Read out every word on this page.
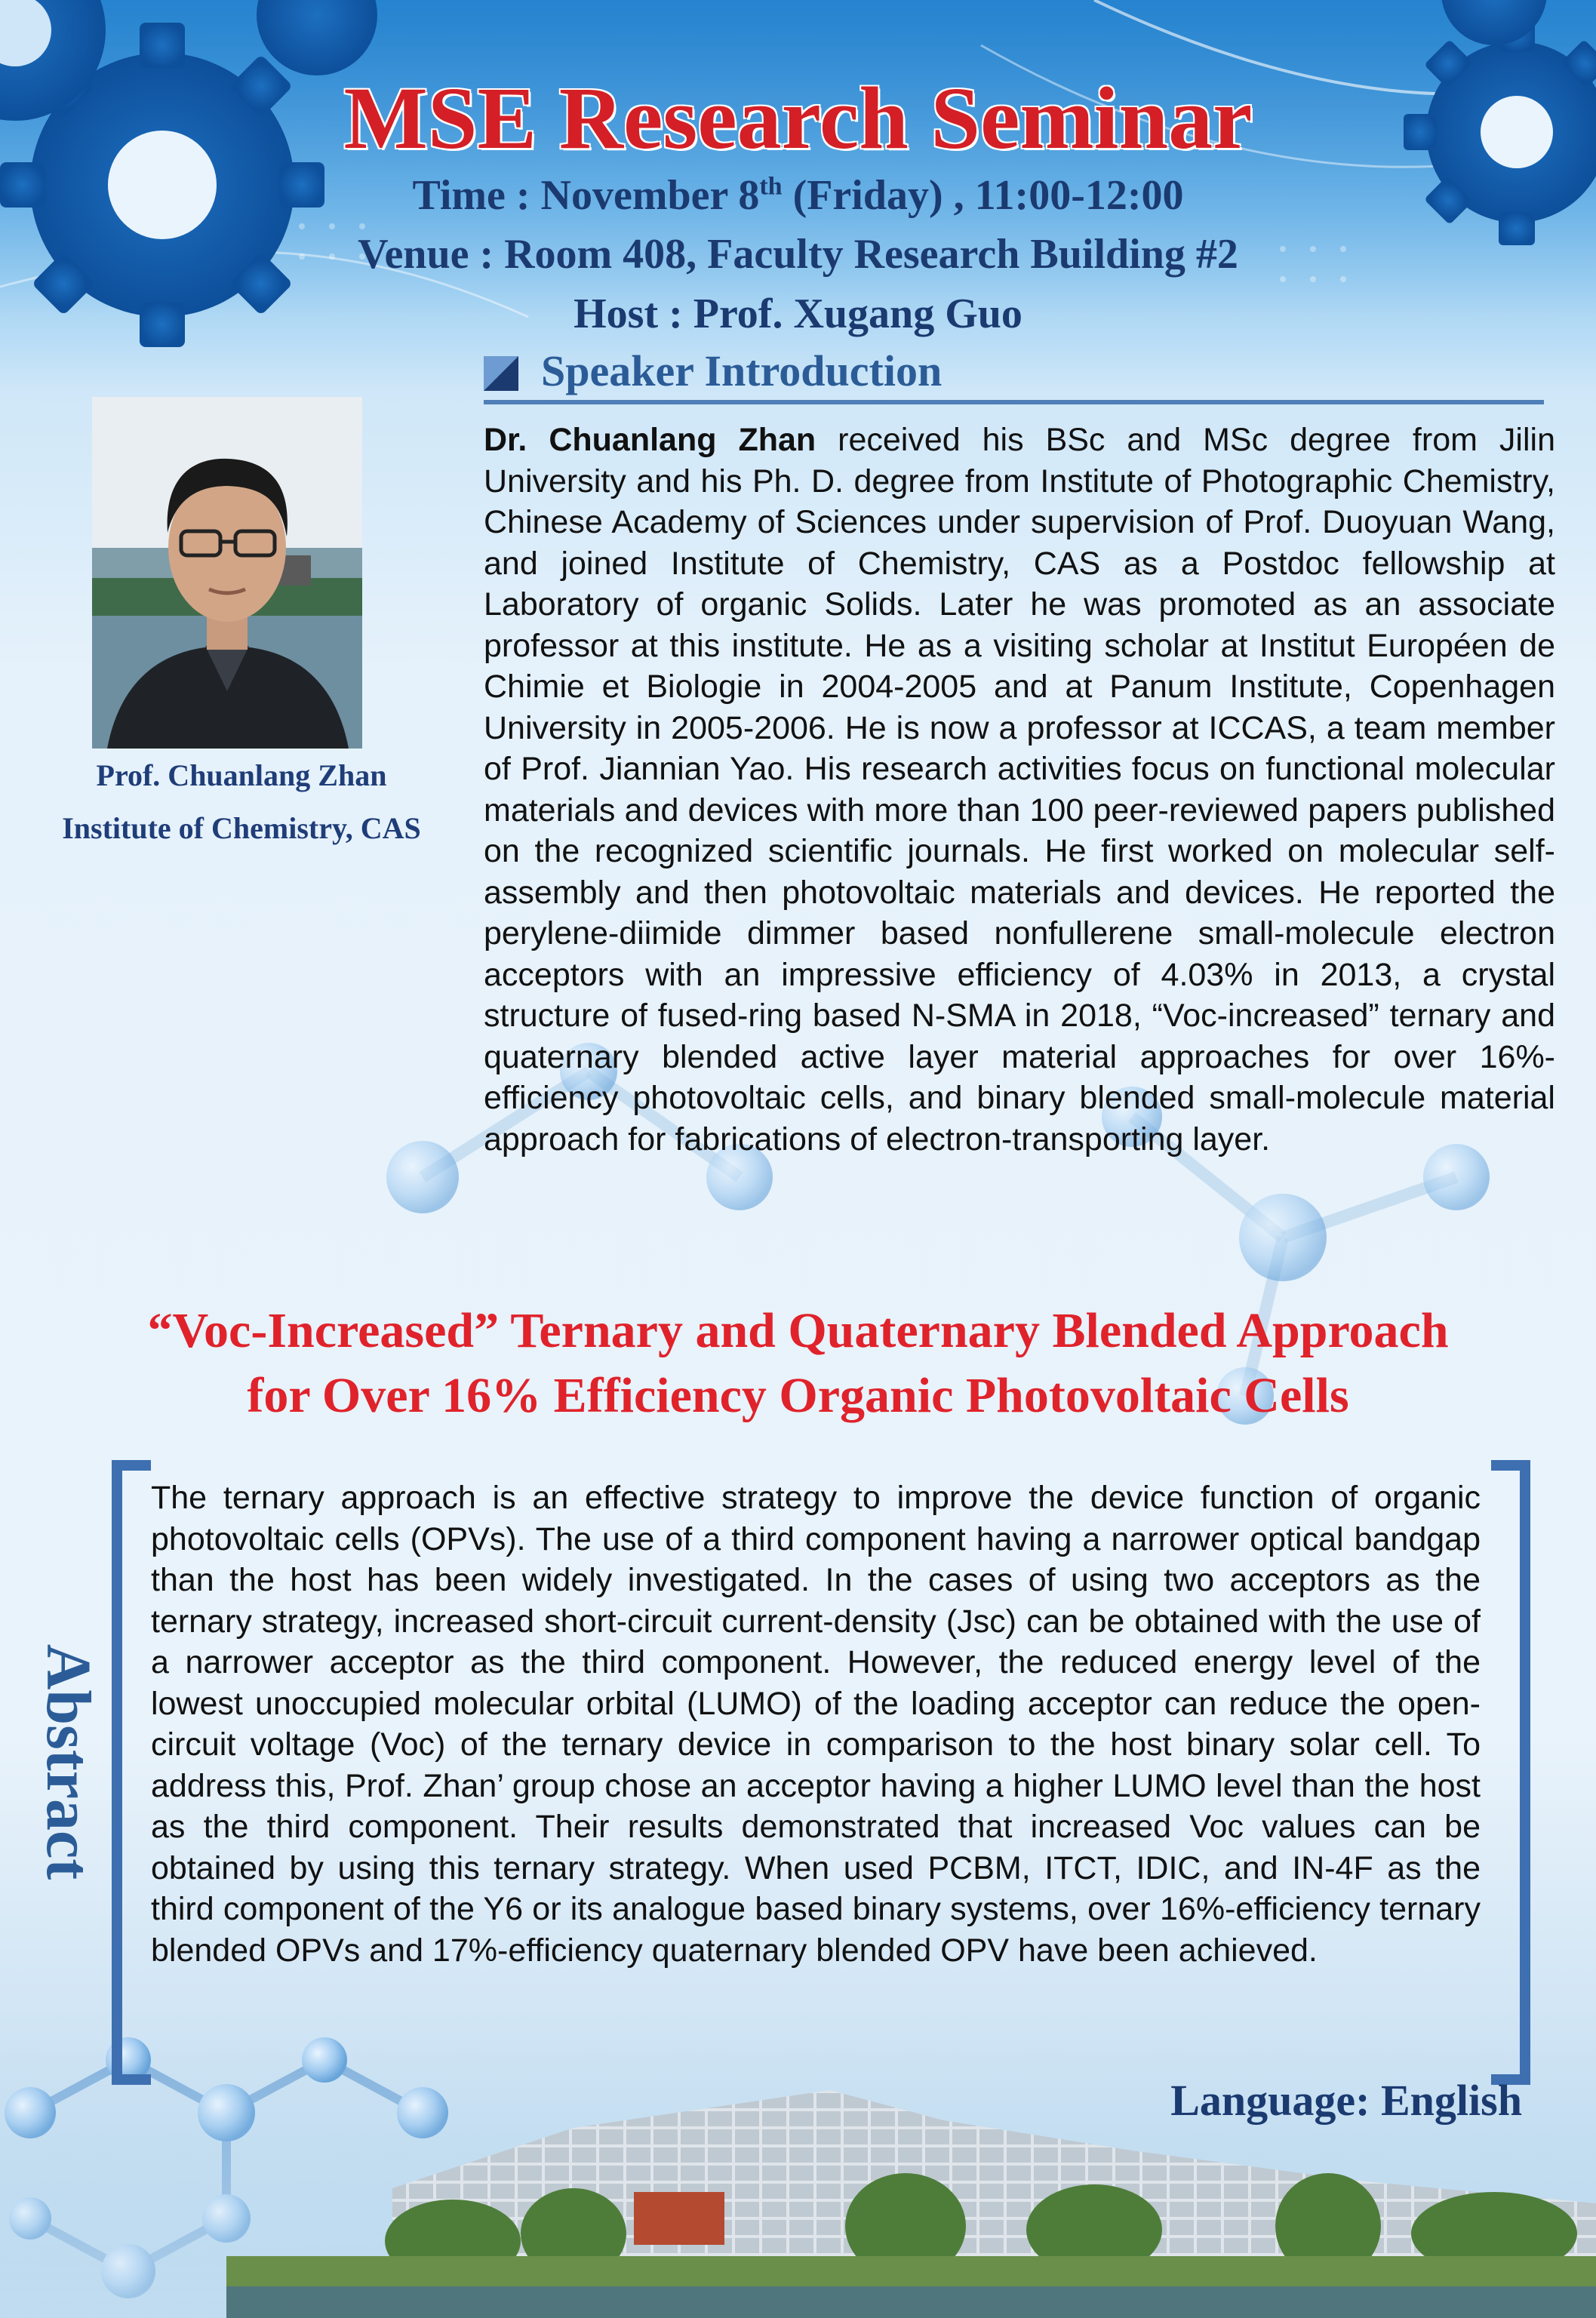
MSE Research Seminar
Time : November 8th (Friday) , 11:00-12:00
Venue : Room 408, Faculty Research Building #2
Host : Prof. Xugang Guo
Speaker Introduction
Prof. Chuanlang Zhan
Institute of Chemistry, CAS

Dr. Chuanlang Zhan received his BSc and MSc degree from Jilin University and his Ph. D. degree from Institute of Photographic Chemistry, Chinese Academy of Sciences under supervision of Prof. Duoyuan Wang, and joined Institute of Chemistry, CAS as a Postdoc fellowship at Laboratory of organic Solids. Later he was promoted as an associate professor at this institute. He as a visiting scholar at Institut Européen de Chimie et Biologie in 2004-2005 and at Panum Institute, Copenhagen University in 2005-2006. He is now a professor at ICCAS, a team member of Prof. Jiannian Yao. His research activities focus on functional molecular materials and devices with more than 100 peer-reviewed papers published on the recognized scientific journals. He first worked on molecular self-assembly and then photovoltaic materials and devices. He reported the perylene-diimide dimmer based nonfullerene small-molecule electron acceptors with an impressive efficiency of 4.03% in 2013, a crystal structure of fused-ring based N-SMA in 2018, “Voc-increased” ternary and quaternary blended active layer material approaches for over 16%-efficiency photovoltaic cells, and binary blended small-molecule material approach for fabrications of electron-transporting layer.

“Voc-Increased” Ternary and Quaternary Blended Approach
for Over 16% Efficiency Organic Photovoltaic Cells
Abstract

The ternary approach is an effective strategy to improve the device function of organic photovoltaic cells (OPVs). The use of a third component having a narrower optical bandgap than the host has been widely investigated. In the cases of using two acceptors as the ternary strategy, increased short-circuit current-density (Jsc) can be obtained with the use of a narrower acceptor as the third component. However, the reduced energy level of the lowest unoccupied molecular orbital (LUMO) of the loading acceptor can reduce the open-circuit voltage (Voc) of the ternary device in comparison to the host binary solar cell. To address this, Prof. Zhan’ group chose an acceptor having a higher LUMO level than the host as the third component. Their results demonstrated that increased Voc values can be obtained by using this ternary strategy. When used PCBM, ITCT, IDIC, and IN-4F as the third component of the Y6 or its analogue based binary systems, over 16%-efficiency ternary blended OPVs and 17%-efficiency quaternary blended OPV have been achieved.

Language: English
